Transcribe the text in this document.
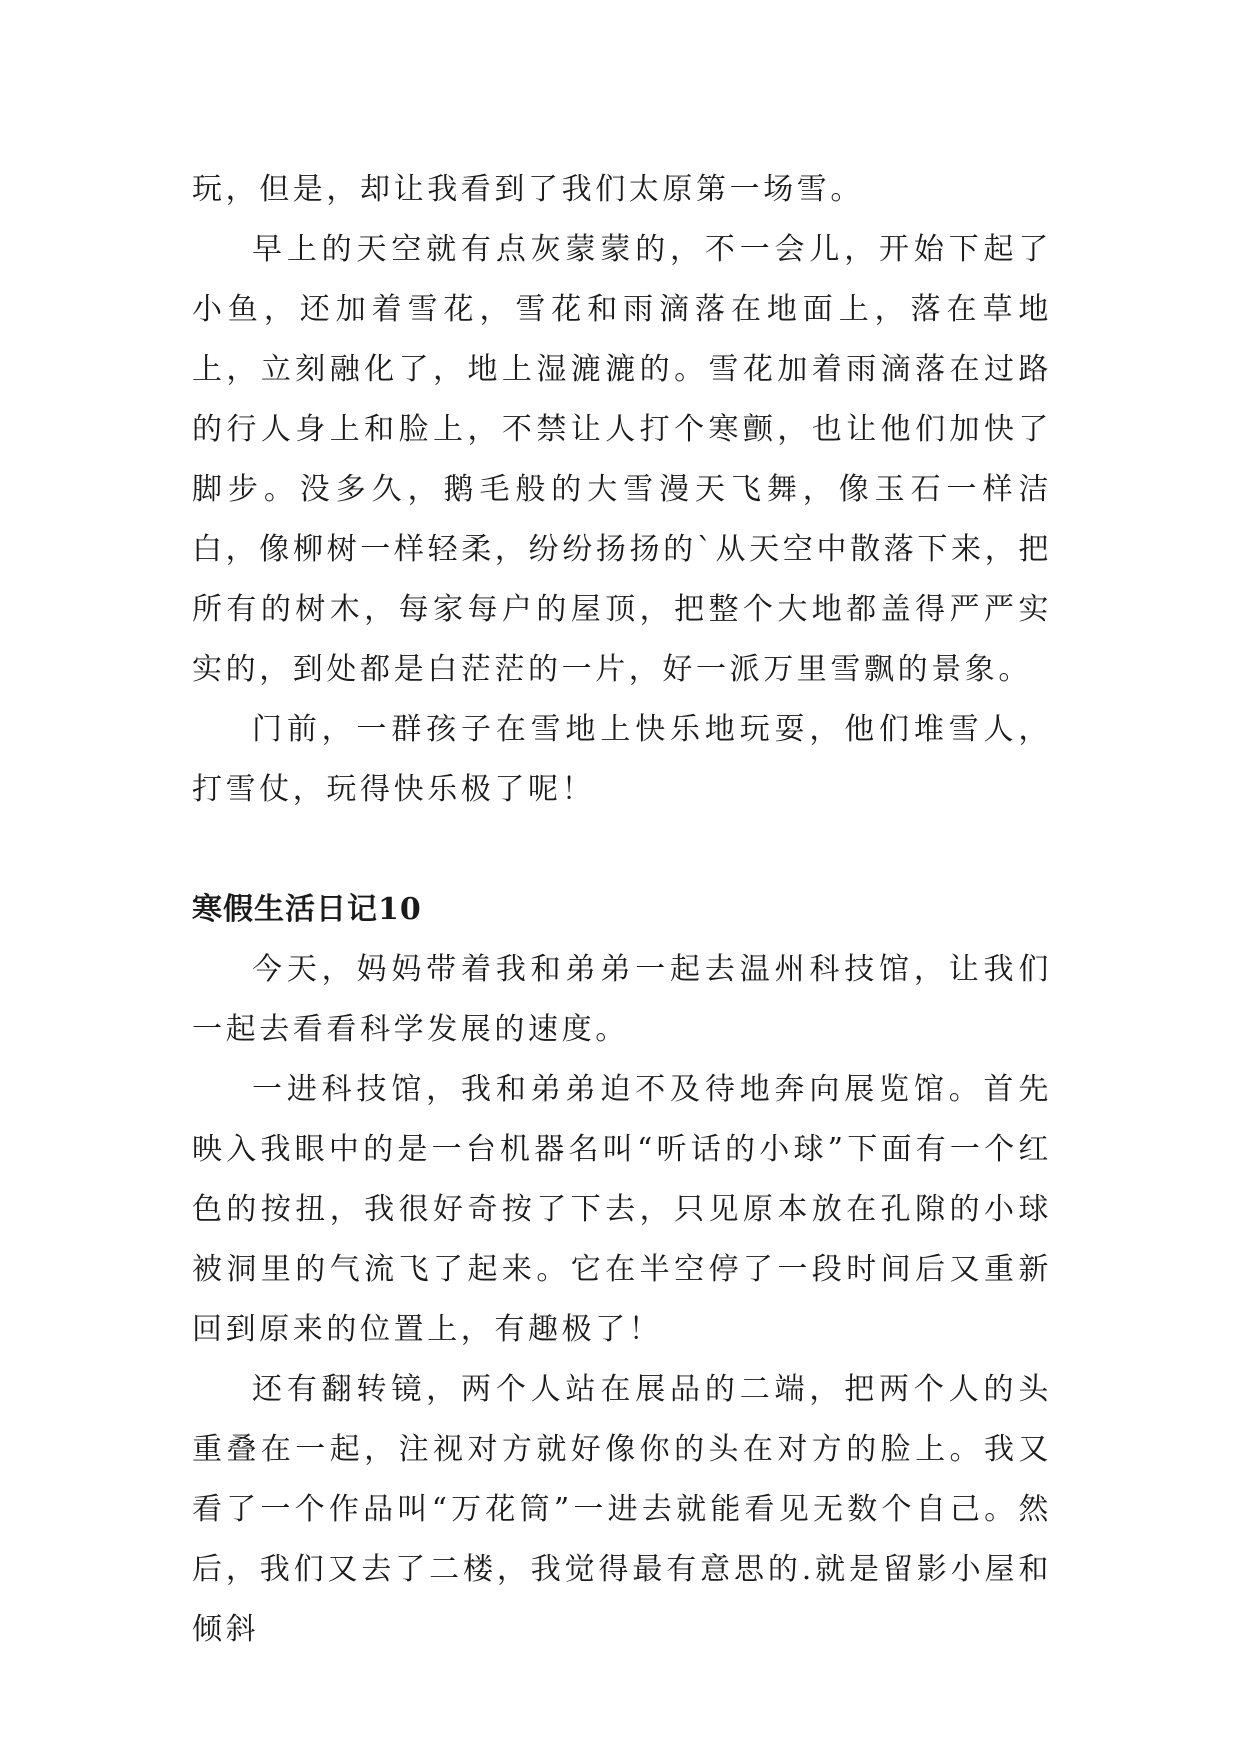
玩，但是，却让我看到了我们太原第一场雪。

早上的天空就有点灰蒙蒙的，不一会儿，开始下起了小鱼，还加着雪花，雪花和雨滴落在地面上，落在草地上，立刻融化了，地上湿漉漉的。雪花加着雨滴落在过路的行人身上和脸上，不禁让人打个寒颤，也让他们加快了脚步。没多久，鹅毛般的大雪漫天飞舞，像玉石一样洁白，像柳树一样轻柔，纷纷扬扬的`从天空中散落下来，把所有的树木，每家每户的屋顶，把整个大地都盖得严严实实的，到处都是白茫茫的一片，好一派万里雪飘的景象。

门前，一群孩子在雪地上快乐地玩耍，他们堆雪人，打雪仗，玩得快乐极了呢！

寒假生活日记10

今天，妈妈带着我和弟弟一起去温州科技馆，让我们一起去看看科学发展的速度。

一进科技馆，我和弟弟迫不及待地奔向展览馆。首先映入我眼中的是一台机器名叫“听话的小球”下面有一个红色的按扭，我很好奇按了下去，只见原本放在孔隙的小球被洞里的气流飞了起来。它在半空停了一段时间后又重新回到原来的位置上，有趣极了！

还有翻转镜，两个人站在展品的二端，把两个人的头重叠在一起，注视对方就好像你的头在对方的脸上。我又看了一个作品叫“万花筒”一进去就能看见无数个自己。然后，我们又去了二楼，我觉得最有意思的.就是留影小屋和倾斜
